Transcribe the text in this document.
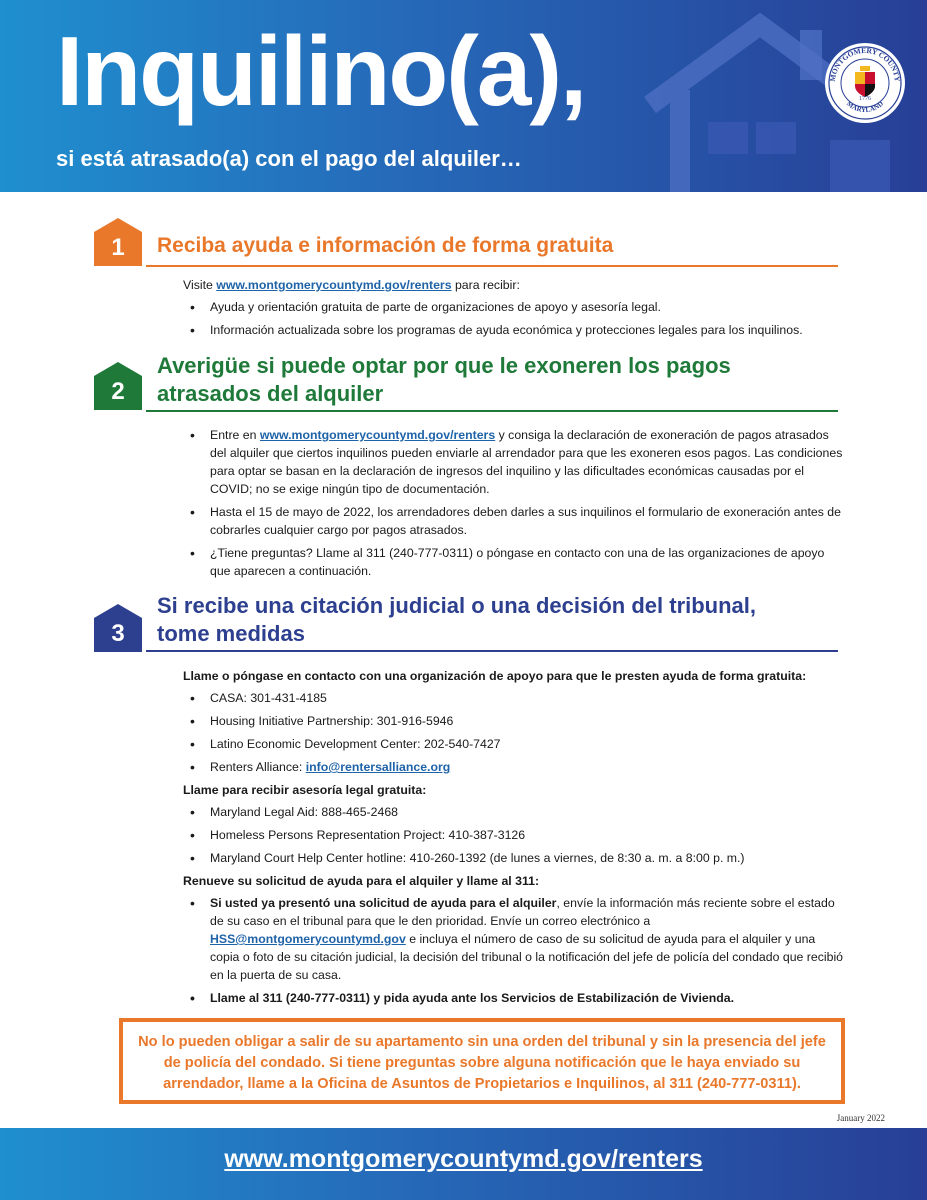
Inquilino(a),
si está atrasado(a) con el pago del alquiler…
MONTGOMERY COUNTY
MARYLAND
1776
1	Reciba ayuda e información de forma gratuita
Visite www.montgomerycountymd.gov/renters para recibir:
• Ayuda y orientación gratuita de parte de organizaciones de apoyo y asesoría legal.
• Información actualizada sobre los programas de ayuda económica y protecciones legales para los inquilinos.
2
Averigüe si puede optar por que le exoneren los pagos
atrasados del alquiler
• Entre en www.montgomerycountymd.gov/renters y consiga la declaración de exoneración de pagos atrasados del alquiler que ciertos inquilinos pueden enviarle al arrendador para que les exoneren esos pagos. Las condiciones para optar se basan en la declaración de ingresos del inquilino y las dificultades económicas causadas por el COVID; no se exige ningún tipo de documentación.
• Hasta el 15 de mayo de 2022, los arrendadores deben darles a sus inquilinos el formulario de exoneración antes de cobrarles cualquier cargo por pagos atrasados.
• ¿Tiene preguntas? Llame al 311 (240-777-0311) o póngase en contacto con una de las organizaciones de apoyo que aparecen a continuación.
3
Si recibe una citación judicial o una decisión del tribunal,
tome medidas
Llame o póngase en contacto con una organización de apoyo para que le presten ayuda de forma gratuita:
• CASA: 301-431-4185
• Housing Initiative Partnership: 301-916-5946
• Latino Economic Development Center: 202-540-7427
• Renters Alliance: info@rentersalliance.org
Llame para recibir asesoría legal gratuita:
• Maryland Legal Aid: 888-465-2468
• Homeless Persons Representation Project: 410-387-3126
• Maryland Court Help Center hotline: 410-260-1392 (de lunes a viernes, de 8:30 a. m. a 8:00 p. m.)
Renueve su solicitud de ayuda para el alquiler y llame al 311:
• Si usted ya presentó una solicitud de ayuda para el alquiler, envíe la información más reciente sobre el estado de su caso en el tribunal para que le den prioridad. Envíe un correo electrónico a HSS@montgomerycountymd.gov e incluya el número de caso de su solicitud de ayuda para el alquiler y una copia o foto de su citación judicial, la decisión del tribunal o la notificación del jefe de policía del condado que recibió en la puerta de su casa.
• Llame al 311 (240-777-0311) y pida ayuda ante los Servicios de Estabilización de Vivienda.
No lo pueden obligar a salir de su apartamento sin una orden del tribunal y sin la presencia del jefe de policía del condado. Si tiene preguntas sobre alguna notificación que le haya enviado su arrendador, llame a la Oficina de Asuntos de Propietarios e Inquilinos, al 311 (240-777-0311).
January 2022
www.montgomerycountymd.gov/renters
